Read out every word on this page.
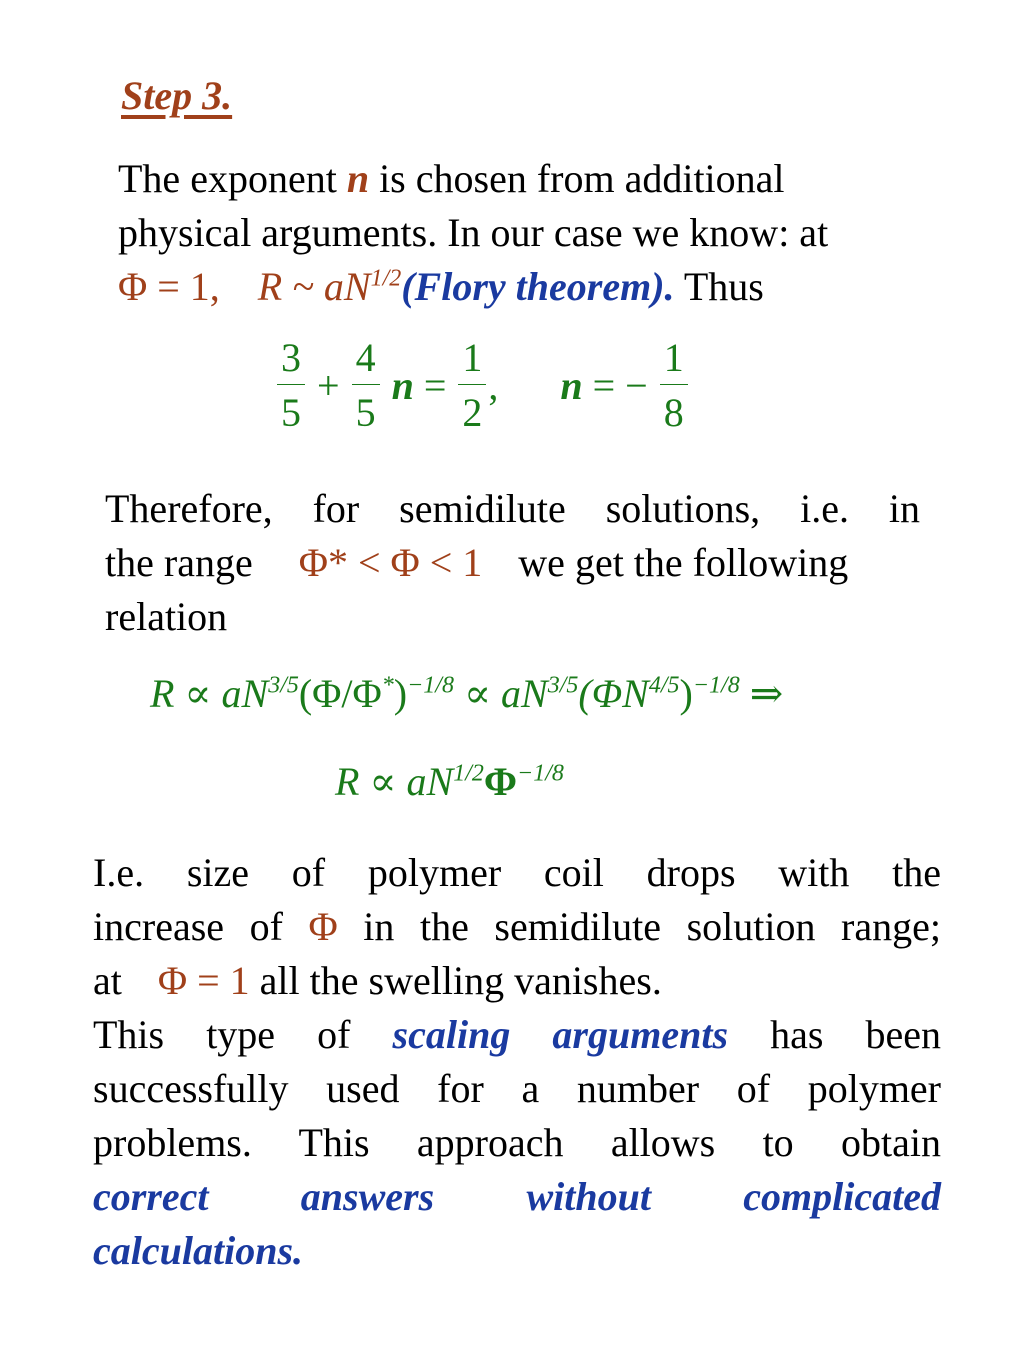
Step 3.
The exponent n is chosen from additional
physical arguments. In our case we know: at
Φ = 1, R ~ $aN^{1/2}(Flory$ theorem). Thus
$\frac{3}{5} + \frac{4}{5}$ $n = \frac{1}{2}$ , n = − $\frac{1}{8}$
Therefore, for semidilute solutions, i.e. in
the range Φ* < Φ < 1 we get the following
relation
$R \propto aN^{3/5}(\Phi/\Phi^*)^{-1/8} \propto aN^{3/5}(\Phi N^{4/5})^{-1/8}$ ⇒
$R \propto aN^{1/2}\Phi^{-1/8}$
I.e. size of polymer coil drops with the
increase of Φ in the semidilute solution range;
at Φ = 1 all the swelling vanishes.
This type of scaling arguments has been
successfully used for a number of polymer
problems. This approach allows to obtain
correct answers without complicated
calculations.
